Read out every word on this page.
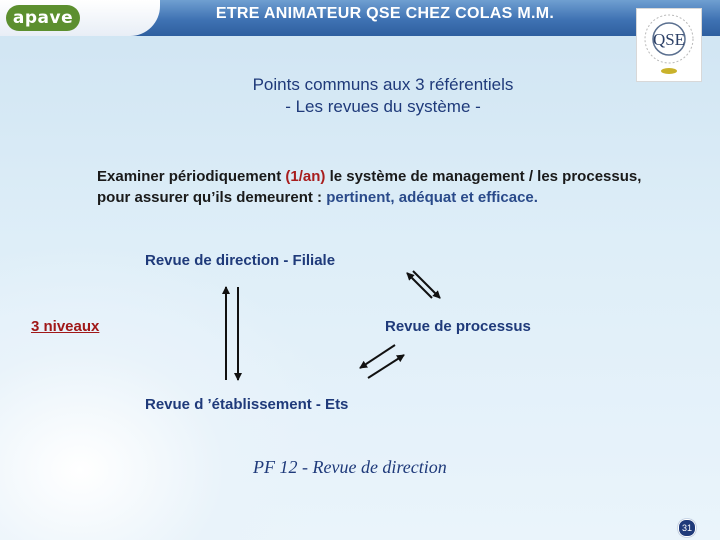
apave	ETRE ANIMATEUR QSE CHEZ COLAS M.M.
QSE
Points communs aux 3 référentiels
- Les revues du système -
Examiner périodiquement (1/an) le système de management / les processus, pour assurer qu’ils demeurent : pertinent, adéquat et efficace.
Revue de direction - Filiale
Revue de processus
Revue d ’établissement - Ets
3 niveaux
PF 12 - Revue de direction
31
